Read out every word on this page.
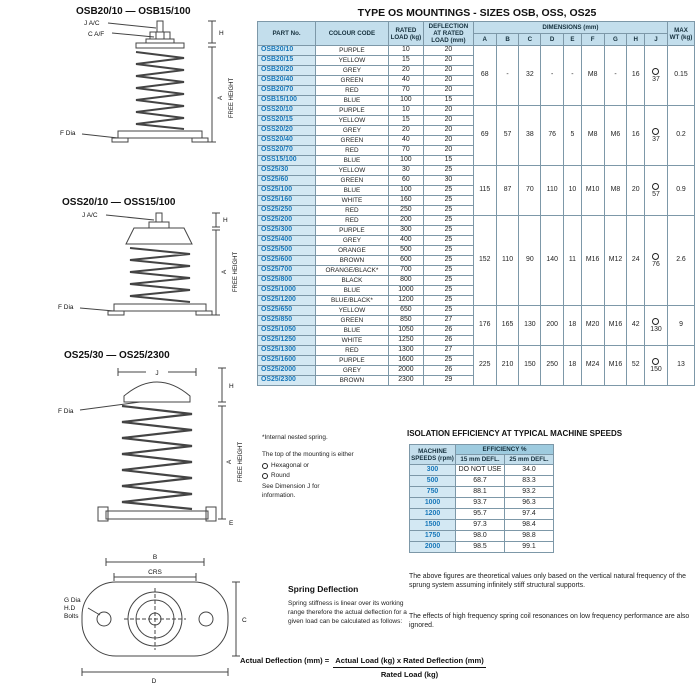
OSB20/10 — OSB15/100
J A/C
C A/F	H
A FREE HEIGHT
F Dia
OSS20/10 — OSS15/100
J A/C
H
A FREE HEIGHT
F Dia
OS25/30 — OS25/2300
J
F Dia
H
A FREE HEIGHT
E
B
CRS
G Dia
H.D
Bolts
C
D
TYPE OS MOUNTINGS - SIZES OSB, OSS, OS25
PART No.	COLOUR CODE	RATED LOAD (kg)	DEFLECTION AT RATED LOAD (mm)	DIMENSIONS (mm)									MAX WT (kg)
				A	B	C	D	E	F	G	H	J	
OSB20/10	PURPLE	10	20	68	-	32	-	-	M8	-	16	37	0.15
OSB20/15	YELLOW	15	20										
OSB20/20	GREY	20	20										
OSB20/40	GREEN	40	20										
OSB20/70	RED	70	20										
OSB15/100	BLUE	100	15										
OSS20/10	PURPLE	10	20	69	57	38	76	5	M8	M6	16	37	0.2
OSS20/15	YELLOW	15	20										
OSS20/20	GREY	20	20										
OSS20/40	GREEN	40	20										
OSS20/70	RED	70	20										
OSS15/100	BLUE	100	15										
OS25/30	YELLOW	30	25	115	87	70	110	10	M10	M8	20	57	0.9
OS25/60	GREEN	60	30										
OS25/100	BLUE	100	25										
OS25/160	WHITE	160	25										
OS25/250	RED	250	25										
OS25/200	RED	200	25	152	110	90	140	11	M16	M12	24	76	2.6
OS25/300	PURPLE	300	25										
OS25/400	GREY	400	25										
OS25/500	ORANGE	500	25										
OS25/600	BROWN	600	25										
OS25/700	ORANGE/BLACK*	700	25										
OS25/800	BLACK	800	25										
OS25/1000	BLUE	1000	25										
OS25/1200	BLUE/BLACK*	1200	25										
OS25/650	YELLOW	650	25	176	165	130	200	18	M20	M16	42	130	9
OS25/850	GREEN	850	27										
OS25/1050	BLUE	1050	26										
OS25/1250	WHITE	1250	26										
OS25/1300	RED	1300	27	225	210	150	250	18	M24	M16	52	150	13
OS25/1600	PURPLE	1600	25										
OS25/2000	GREY	2000	26										
OS25/2300	BROWN	2300	29										
*Internal nested spring.
The top of the mounting is either
Hexagonal or
Round
See Dimension J for information.
ISOLATION EFFICIENCY AT TYPICAL MACHINE SPEEDS
MACHINE SPEEDS (rpm)	EFFICIENCY %	
	15 mm DEFL.	25 mm DEFL.
300	DO NOT USE	34.0
500	68.7	83.3
750	88.1	93.2
1000	93.7	96.3
1200	95.7	97.4
1500	97.3	98.4
1750	98.0	98.8
2000	98.5	99.1
The above figures are theoretical values only based on the vertical natural frequency of the sprung system assuming infinitely stiff structural supports.
The effects of high frequency spring coil resonances on low frequency performance are also ignored.
Spring Deflection
Spring stiffness is linear over its working range therefore the actual deflection for a given load can be calculated as follows:
Actual Deflection $(mm) = \frac{\text{Actual Load (kg) x Rated Deflection (mm)}}{\text{Rated Load (kg)}}$
